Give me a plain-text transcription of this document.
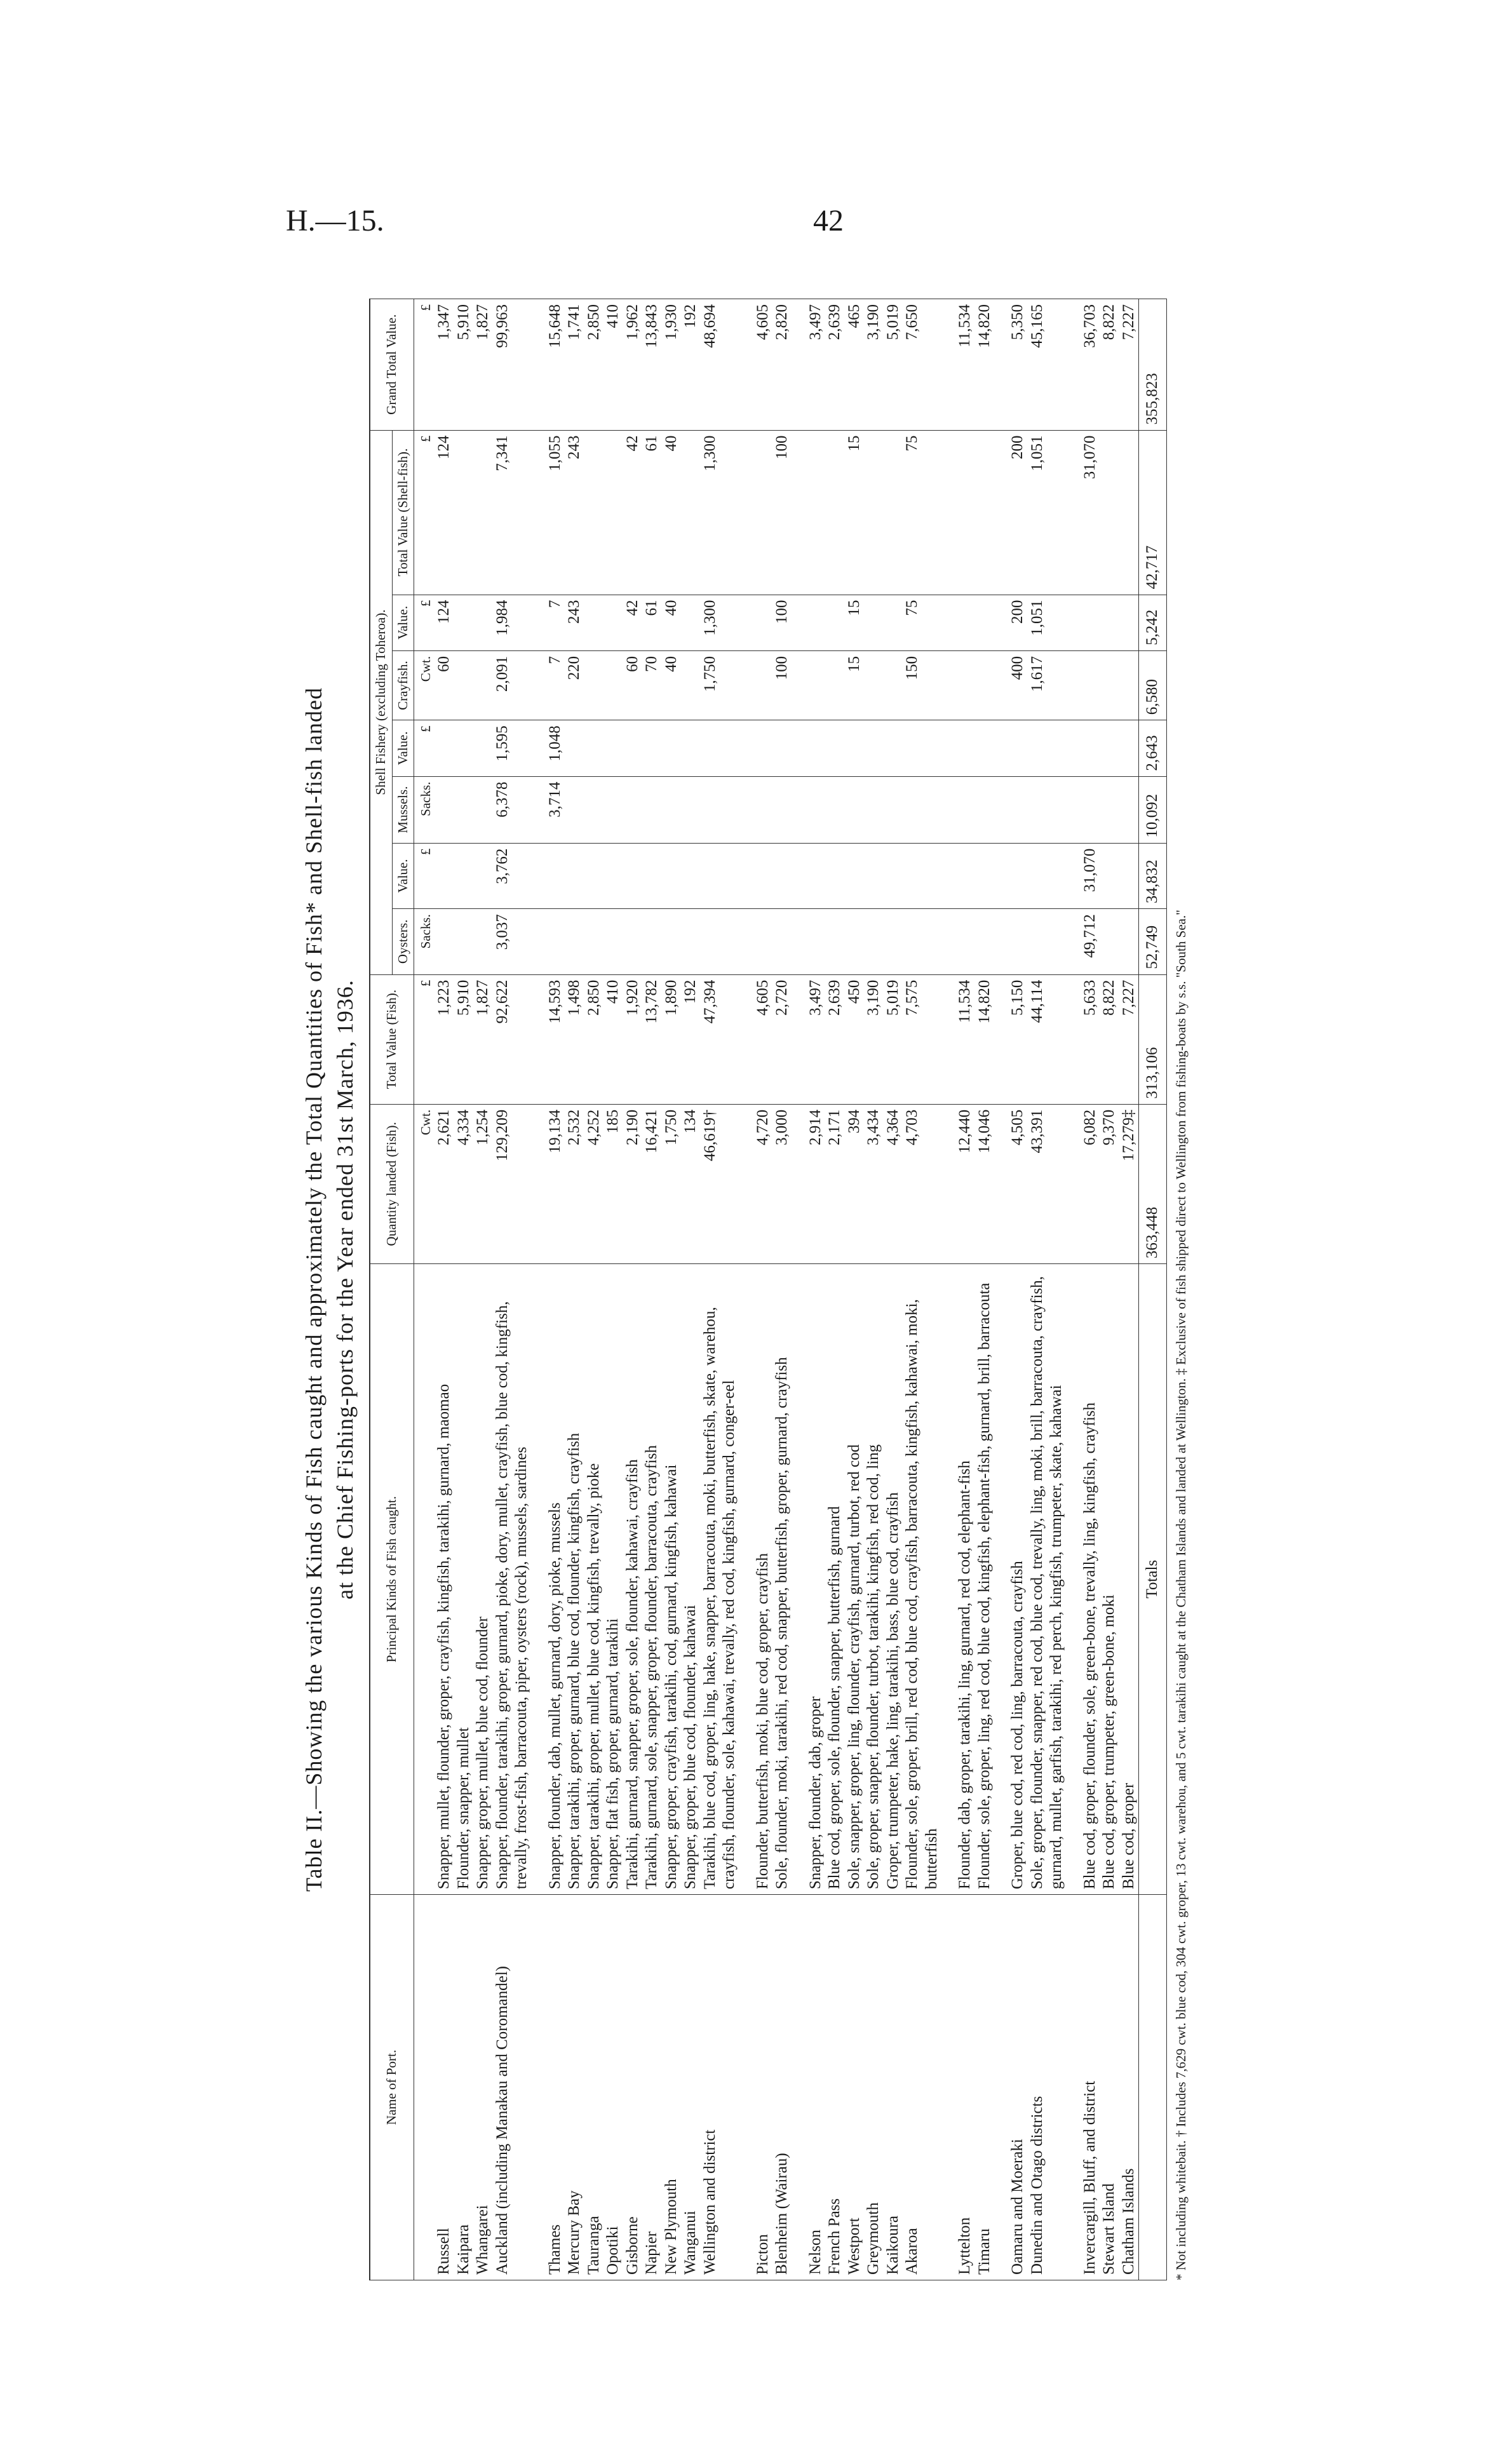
H.—15.	42
Table II.—Showing the various Kinds of Fish caught and approximately the Total Quantities of Fish* and Shell-fish landed at the Chief Fishing-ports for the Year ended 31st March, 1936.
Name of Port.	Principal Kinds of Fish caught.	Quantity landed (Fish).	Total Value (Fish).	Shell Fishery (excluding Toheroa).							Grand Total Value.
				Oysters.	Value.	Mussels.	Value.	Crayfish.	Value.	Total Value (Shell-fish).	
		Cwt.	£	Sacks.	£	Sacks.	£	Cwt.	£	£	£
Russell	Snapper, mullet, flounder, groper, crayfish, kingfish, tarakihi, gurnard, maomao	2,621	1,223					60	124	124	1,347
Kaipara	Flounder, snapper, mullet	4,334	5,910								5,910
Whangarei	Snapper, groper, mullet, blue cod, flounder	1,254	1,827								1,827
Auckland (including Manakau and Coromandel)	Snapper, flounder, tarakihi, groper, gurnard, pioke, dory, mullet, crayfish, blue cod, kingfish, trevally, frost-fish, barracouta, piper, oysters (rock), mussels, sardines	129,209	92,622	3,037	3,762	6,378	1,595	2,091	1,984	7,341	99,963
Thames	Snapper, flounder, dab, mullet, gurnard, dory, pioke, mussels	19,134	14,593			3,714	1,048	7	7	1,055	15,648
Mercury Bay	Snapper, tarakihi, groper, gurnard, blue cod, flounder, kingfish, crayfish	2,532	1,498					220	243	243	1,741
Tauranga	Snapper, tarakihi, groper, mullet, blue cod, kingfish, trevally, pioke	4,252	2,850								2,850
Opotiki	Snapper, flat fish, groper, gurnard, tarakihi	185	410								410
Gisborne	Tarakihi, gurnard, snapper, groper, sole, flounder, kahawai, crayfish	2,190	1,920					60	42	42	1,962
Napier	Tarakihi, gurnard, sole, snapper, groper, flounder, barracouta, crayfish	16,421	13,782					70	61	61	13,843
New Plymouth	Snapper, groper, crayfish, tarakihi, cod, gurnard, kingfish, kahawai	1,750	1,890					40	40	40	1,930
Wanganui	Snapper, groper, blue cod, flounder, kahawai	134	192								192
Wellington and district	Tarakihi, blue cod, groper, ling, hake, snapper, barracouta, moki, butterfish, skate, warehou, crayfish, flounder, sole, kahawai, trevally, red cod, kingfish, gurnard, conger-eel	46,619†	47,394					1,750	1,300	1,300	48,694
Picton	Flounder, butterfish, moki, blue cod, groper, crayfish	4,720	4,605								4,605
Blenheim (Wairau)	Sole, flounder, moki, tarakihi, red cod, snapper, butterfish, groper, gurnard, crayfish	3,000	2,720					100	100	100	2,820
Nelson	Snapper, flounder, dab, groper	2,914	3,497								3,497
French Pass	Blue cod, groper, sole, flounder, snapper, butterfish, gurnard	2,171	2,639								2,639
Westport	Sole, snapper, groper, ling, flounder, crayfish, gurnard, turbot, red cod	394	450					15	15	15	465
Greymouth	Sole, groper, snapper, flounder, turbot, tarakihi, kingfish, red cod, ling	3,434	3,190								3,190
Kaikoura	Groper, trumpeter, hake, ling, tarakihi, bass, blue cod, crayfish	4,364	5,019								5,019
Akaroa	Flounder, sole, groper, brill, red cod, blue cod, crayfish, barracouta, kingfish, kahawai, moki, butterfish	4,703	7,575					150	75	75	7,650
Lyttelton	Flounder, dab, groper, tarakihi, ling, gurnard, red cod, elephant-fish	12,440	11,534								11,534
Timaru	Flounder, sole, groper, ling, red cod, blue cod, kingfish, elephant-fish, gurnard, brill, barracouta	14,046	14,820								14,820
Oamaru and Moeraki	Groper, blue cod, red cod, ling, barracouta, crayfish	4,505	5,150					400	200	200	5,350
Dunedin and Otago districts	Sole, groper, flounder, snapper, red cod, blue cod, trevally, ling, moki, brill, barracouta, crayfish, gurnard, mullet, garfish, tarakihi, red perch, kingfish, trumpeter, skate, kahawai	43,391	44,114					1,617	1,051	1,051	45,165
Invercargill, Bluff, and district	Blue cod, groper, flounder, sole, green-bone, trevally, ling, kingfish, crayfish	6,082	5,633	49,712	31,070					31,070	36,703
Stewart Island	Blue cod, groper, trumpeter, green-bone, moki	9,370	8,822								8,822
Chatham Islands	Blue cod, groper	17,279‡	7,227								7,227
	Totals	363,448	313,106	52,749	34,832	10,092	2,643	6,580	5,242	42,717	355,823
* Not including whitebait. † Includes 7,629 cwt. blue cod, 304 cwt. groper, 13 cwt. warehou, and 5 cwt. tarakihi caught at the Chatham Islands and landed at Wellington. ‡ Exclusive of fish shipped direct to Wellington from fishing-boats by s.s. "South Sea."
